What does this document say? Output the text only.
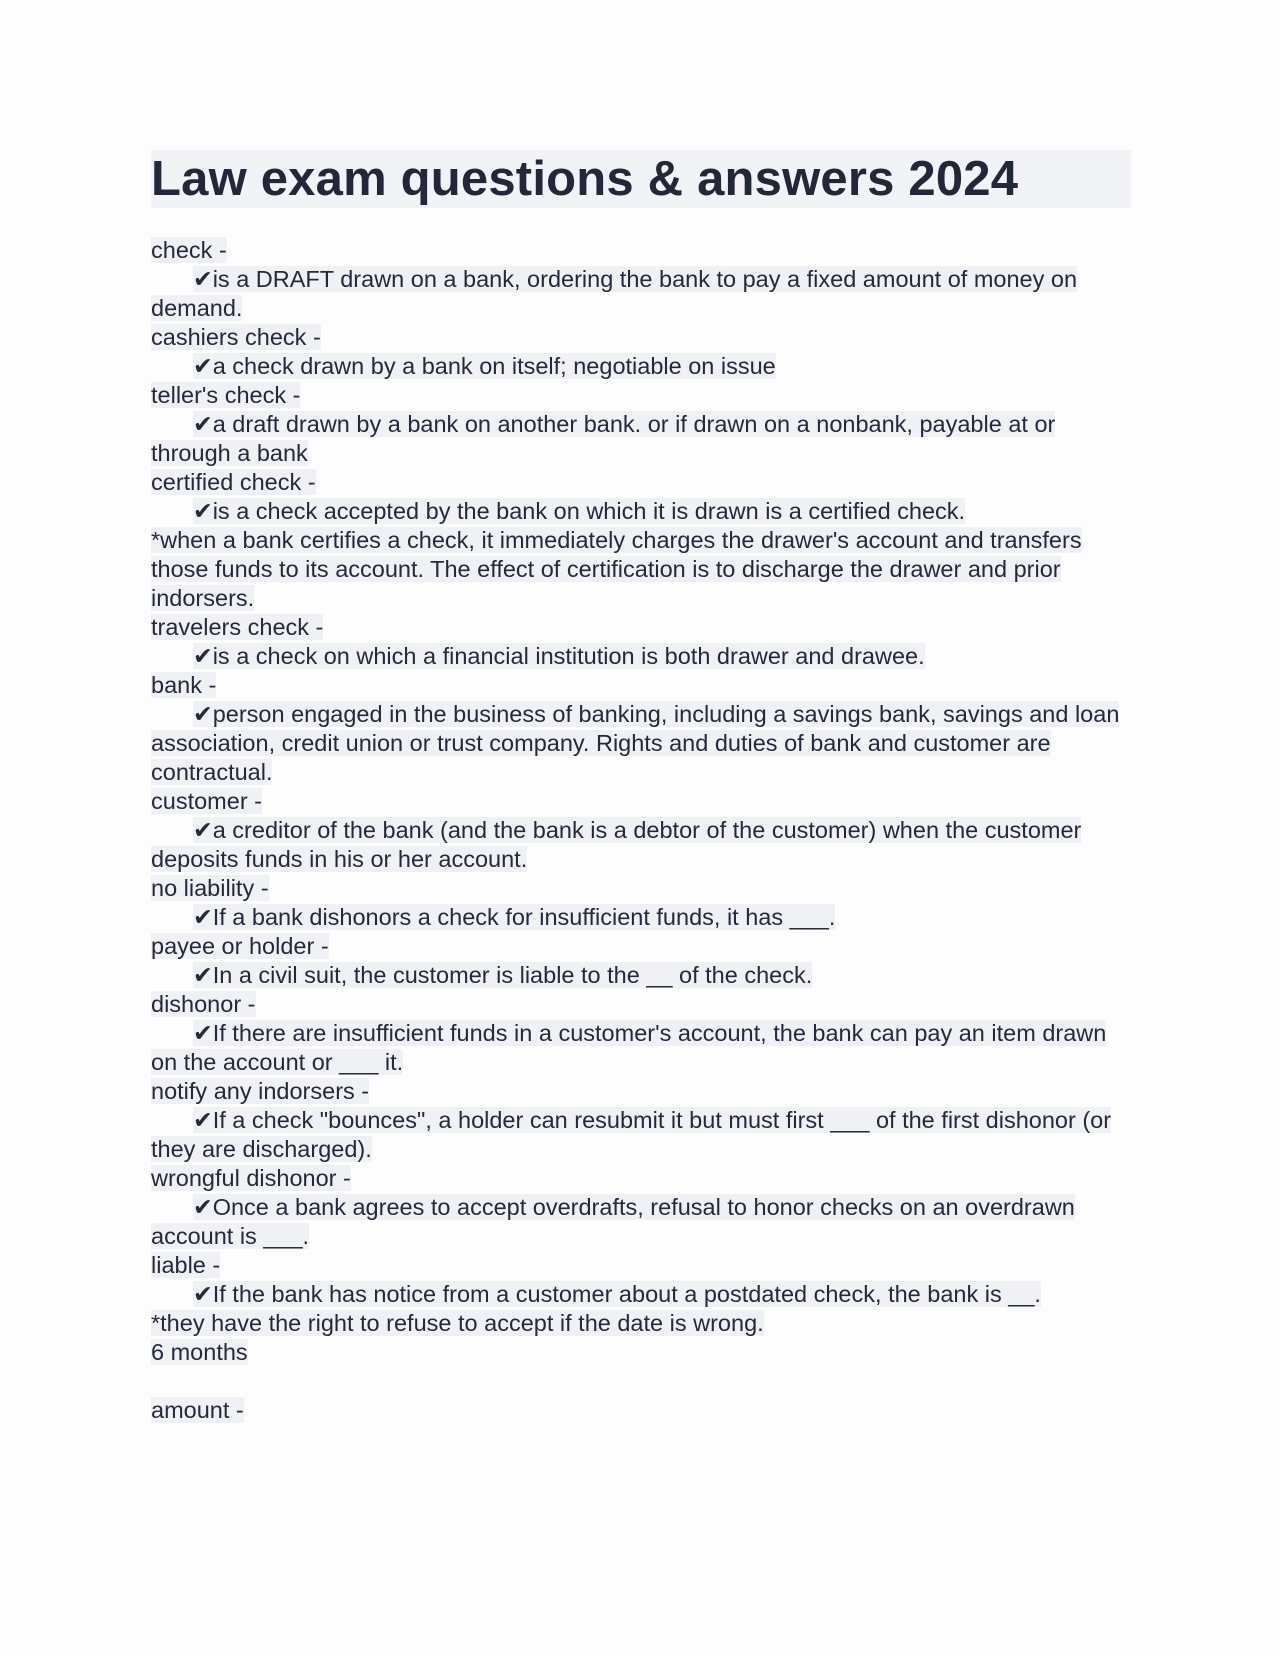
Law exam questions & answers 2024

check -

✔is a DRAFT drawn on a bank, ordering the bank to pay a fixed amount of money on demand.

cashiers check -

✔a check drawn by a bank on itself; negotiable on issue

teller's check -

✔a draft drawn by a bank on another bank. or if drawn on a nonbank, payable at or through a bank

certified check -

✔is a check accepted by the bank on which it is drawn is a certified check.

*when a bank certifies a check, it immediately charges the drawer's account and transfers those funds to its account. The effect of certification is to discharge the drawer and prior indorsers.

travelers check -

✔is a check on which a financial institution is both drawer and drawee.

bank -

✔person engaged in the business of banking, including a savings bank, savings and loan association, credit union or trust company. Rights and duties of bank and customer are contractual.

customer -

✔a creditor of the bank (and the bank is a debtor of the customer) when the customer deposits funds in his or her account.

no liability -

✔If a bank dishonors a check for insufficient funds, it has ___.

payee or holder -

✔In a civil suit, the customer is liable to the __ of the check.

dishonor -

✔If there are insufficient funds in a customer's account, the bank can pay an item drawn on the account or ___ it.

notify any indorsers -

✔If a check "bounces", a holder can resubmit it but must first ___ of the first dishonor (or they are discharged).

wrongful dishonor -

✔Once a bank agrees to accept overdrafts, refusal to honor checks on an overdrawn account is ___.

liable -

✔If the bank has notice from a customer about a postdated check, the bank is __.

*they have the right to refuse to accept if the date is wrong.

6 months

amount -
